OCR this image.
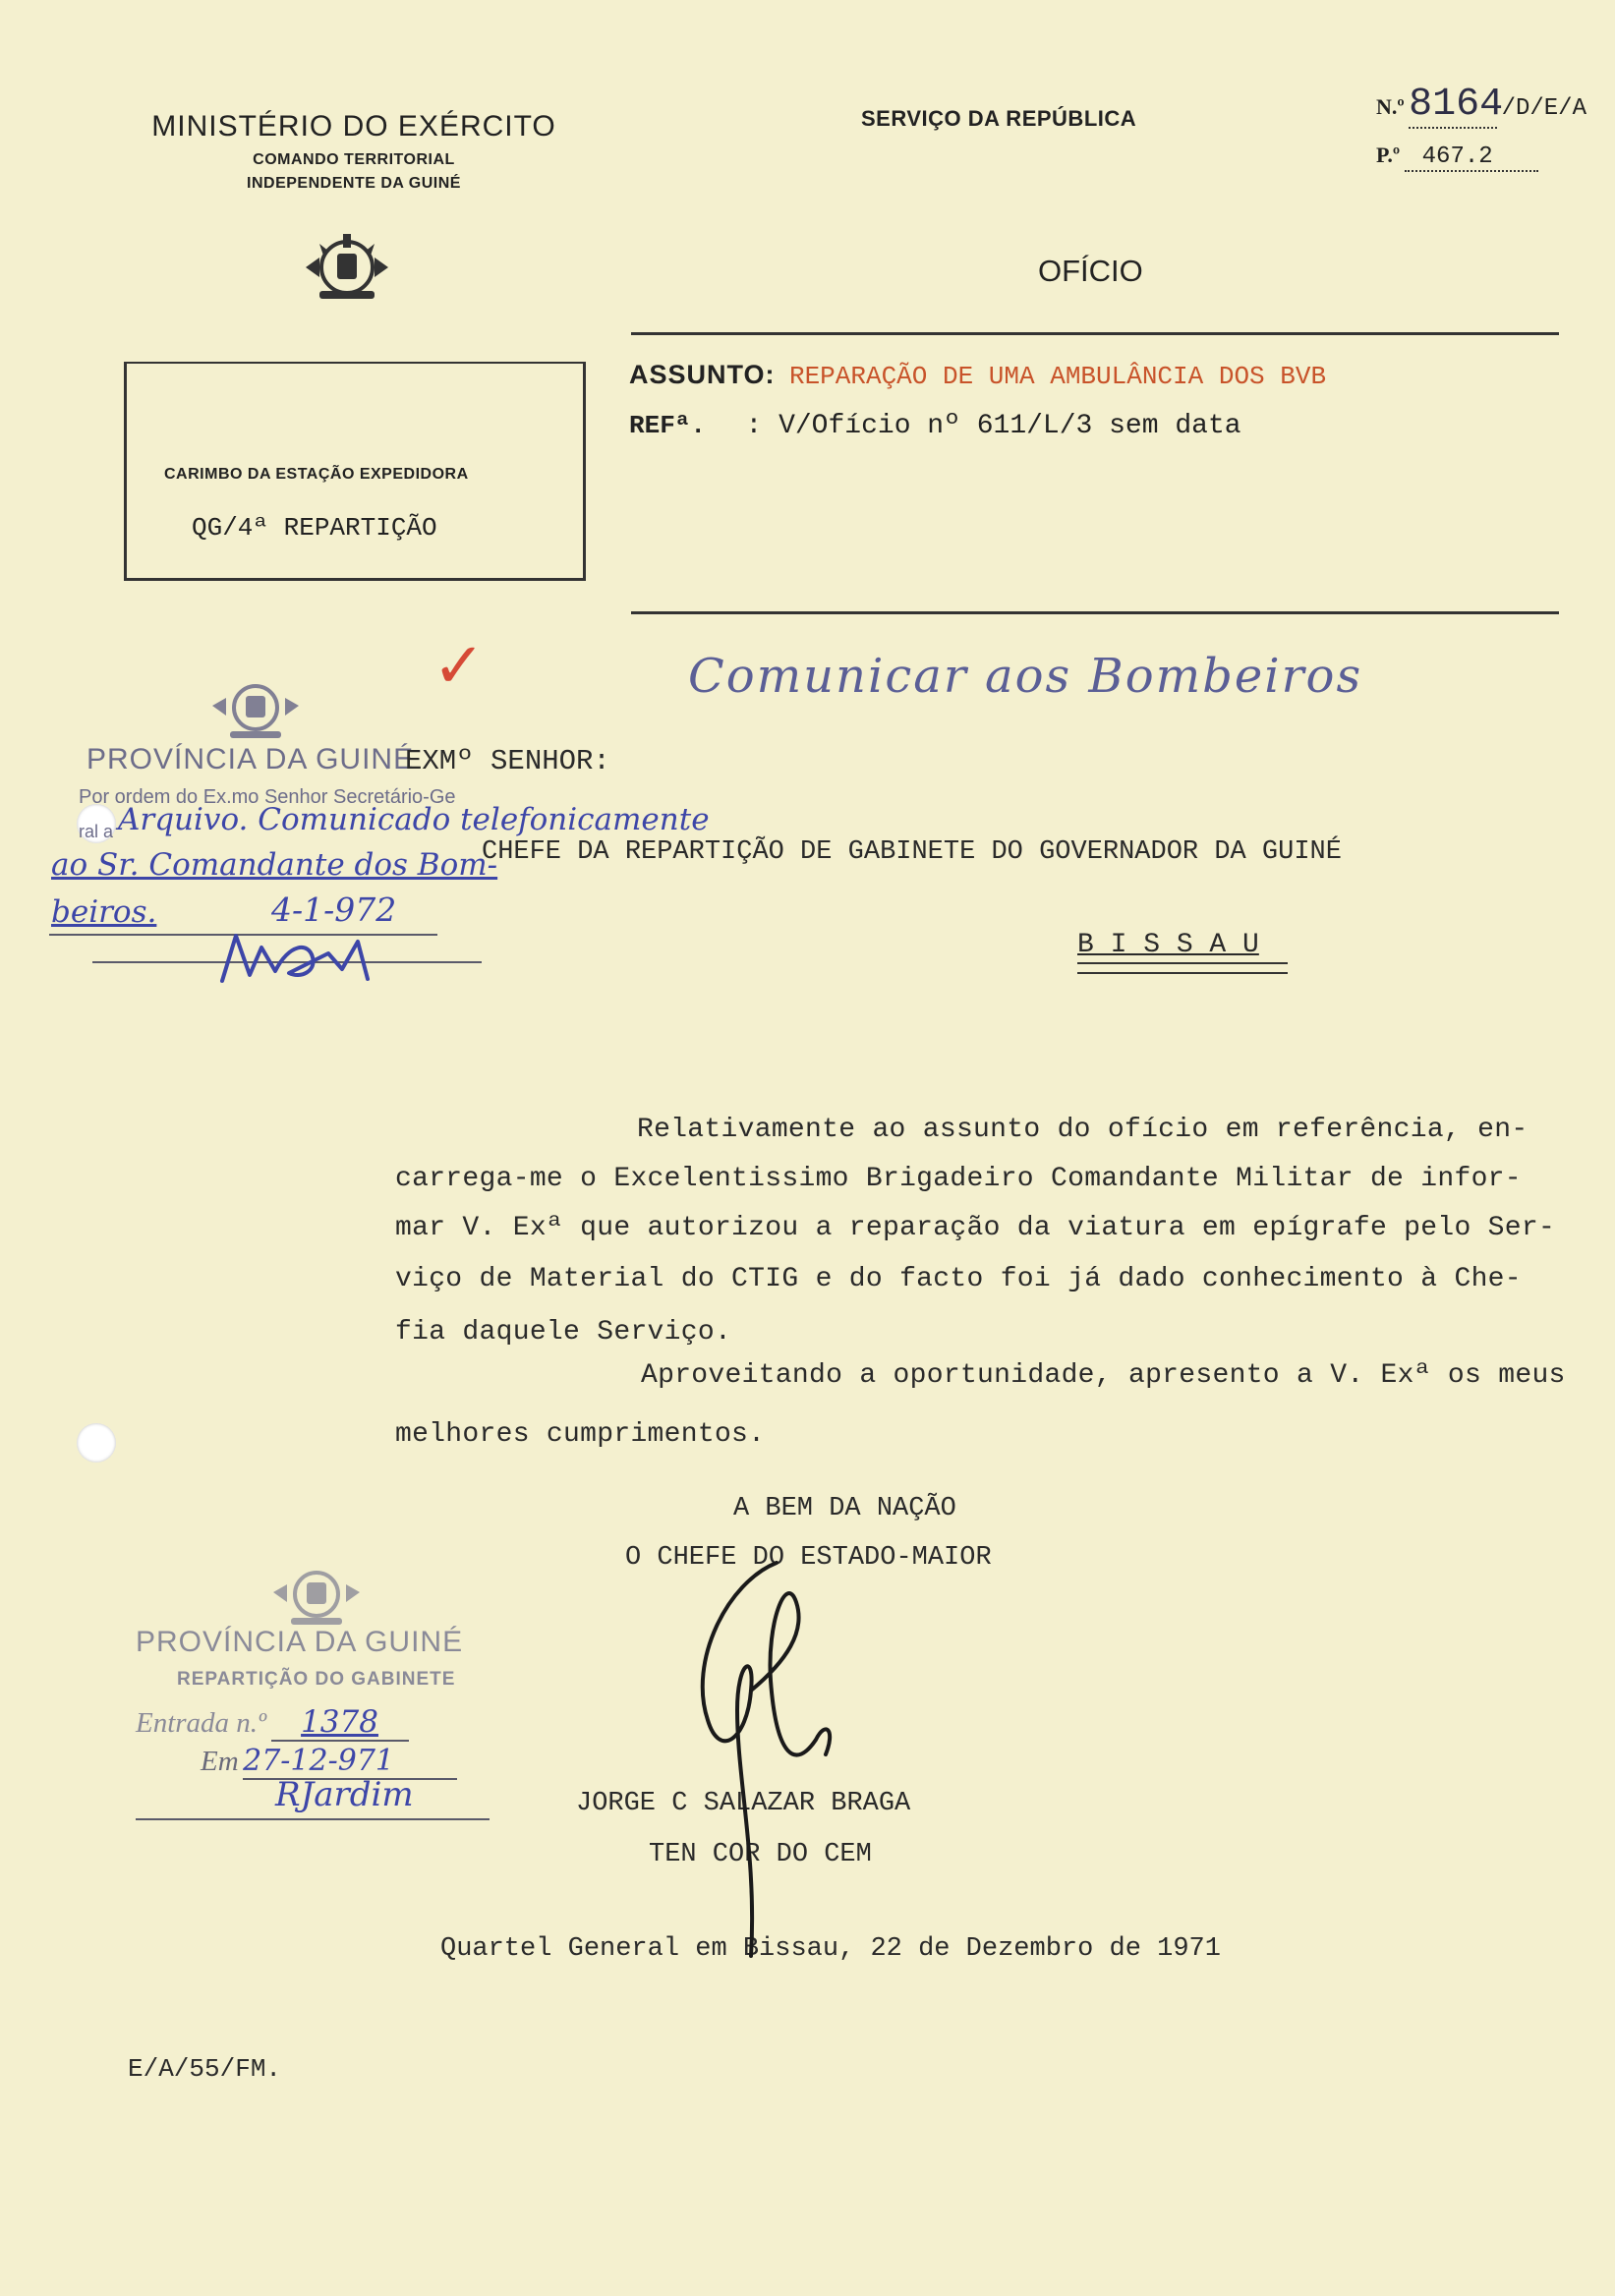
MINISTÉRIO DO EXÉRCITO
COMANDO TERRITORIAL
INDEPENDENTE DA GUINÉ
SERVIÇO DA REPÚBLICA
OFÍCIO
N.º 8164 /D/E/A
P.º 467.2
CARIMBO DA ESTAÇÃO EXPEDIDORA
QG/4ª REPARTIÇÃO
ASSUNTO: REPARAÇÃO DE UMA AMBULÂNCIA DOS BVB
REFª. : V/Ofício nº 611/L/3 sem data
Comunicar aos Bombeiros
✓
PROVÍNCIA DA GUINÉ
Por ordem do Ex.mo Senhor Secretário-Ge
ral a Arquivo. Comunicado telefonicamente
ao Sr. Comandante dos Bom-
beiros.	4-1-972
EXMº SENHOR:
CHEFE DA REPARTIÇÃO DE GABINETE DO GOVERNADOR DA GUINÉ
B I S S A U
Relativamente ao assunto do ofício em referência, en-
carrega-me o Excelentissimo Brigadeiro Comandante Militar de infor-
mar V. Exª que autorizou a reparação da viatura em epígrafe pelo Ser-
viço de Material do CTIG e do facto foi já dado conhecimento à Che-
fia daquele Serviço.
Aproveitando a oportunidade, apresento a V. Exª os meus
melhores cumprimentos.
A BEM DA NAÇÃO
O CHEFE DO ESTADO-MAIOR
JORGE C SALAZAR BRAGA
TEN COR DO CEM
Quartel General em Bissau, 22 de Dezembro de 1971
PROVÍNCIA DA GUINÉ
REPARTIÇÃO DO GABINETE
Entrada n.º 1378
Em 27-12-971
RJardim
E/A/55/FM.
